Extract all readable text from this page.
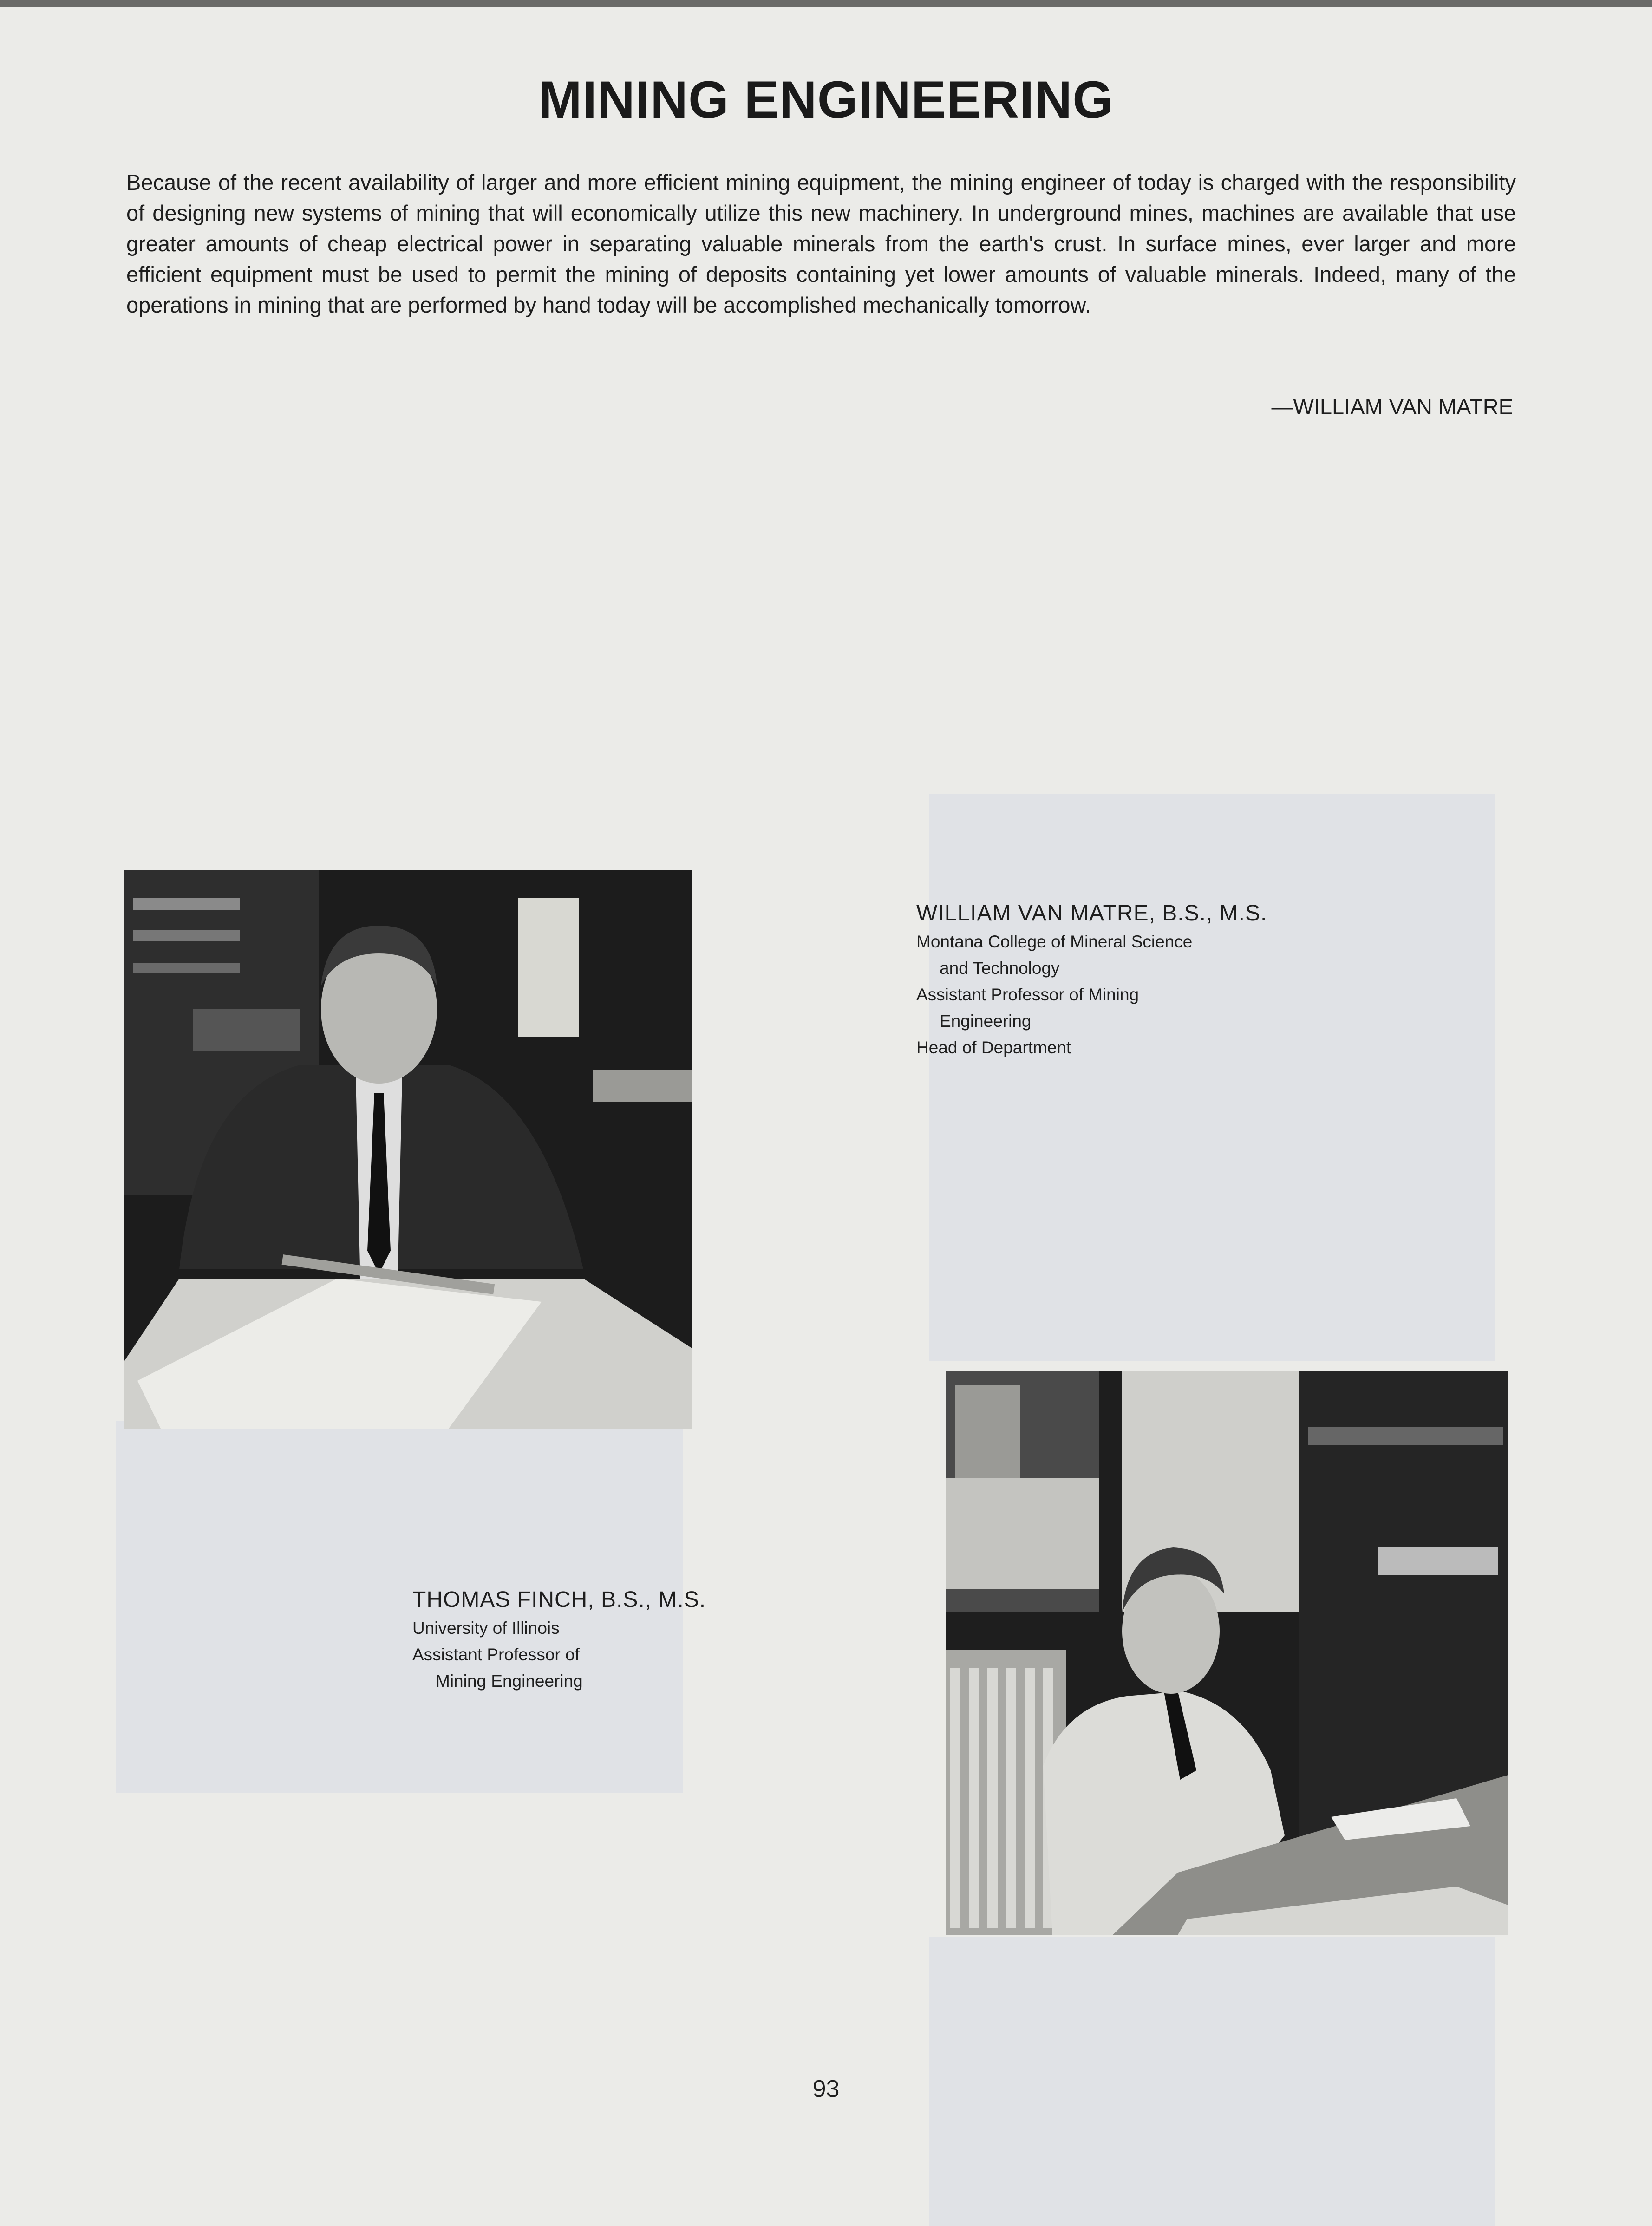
MINING ENGINEERING

Because of the recent availability of larger and more efficient mining equipment, the mining engineer of today is charged with the responsibility of designing new systems of mining that will economically utilize this new machinery. In underground mines, machines are available that use greater amounts of cheap electrical power in separating valuable minerals from the earth's crust. In surface mines, ever larger and more efficient equipment must be used to permit the mining of deposits containing yet lower amounts of valuable minerals. Indeed, many of the operations in mining that are performed by hand today will be accomplished mechanically tomorrow.

—WILLIAM VAN MATRE
WILLIAM VAN MATRE, B.S., M.S.
Montana College of Mineral Science
and Technology
Assistant Professor of Mining
Engineering
Head of Department
THOMAS FINCH, B.S., M.S.
University of Illinois
Assistant Professor of
Mining Engineering
93
